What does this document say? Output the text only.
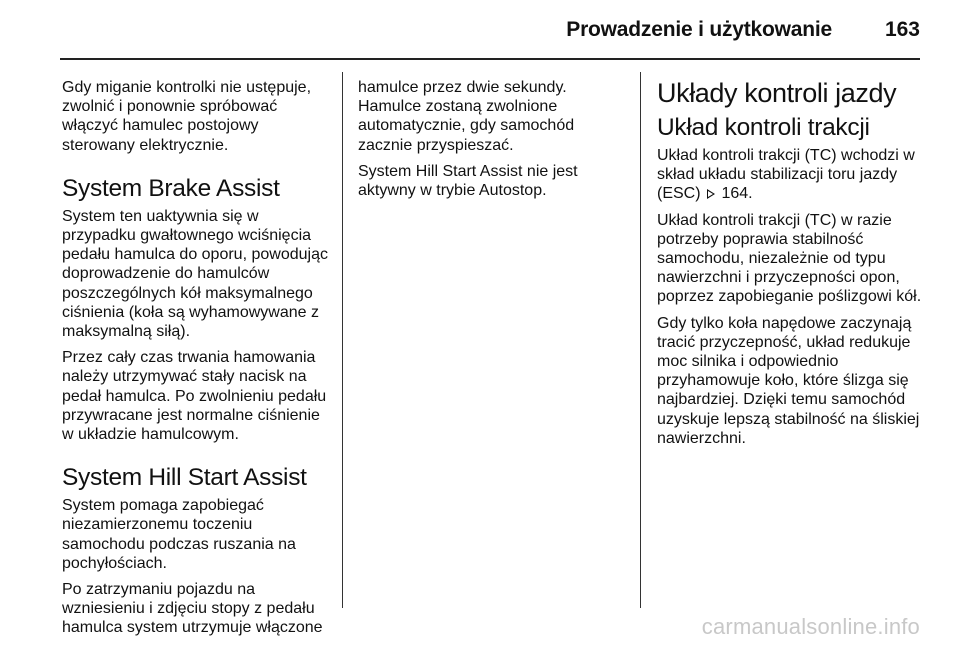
Prowadzenie i użytkowanie	163

Gdy miganie kontrolki nie ustępuje, zwolnić i ponownie spróbować włączyć hamulec postojowy sterowany elektrycznie.

System Brake Assist

System ten uaktywnia się w przypadku gwałtownego wciśnięcia pedału hamulca do oporu, powodując doprowadzenie do hamulców poszczególnych kół maksymalnego ciśnienia (koła są wyhamowywane z maksymalną siłą).

Przez cały czas trwania hamowania należy utrzymywać stały nacisk na pedał hamulca. Po zwolnieniu pedału przywracane jest normalne ciśnienie w układzie hamulcowym.

System Hill Start Assist

System pomaga zapobiegać niezamierzonemu toczeniu samochodu podczas ruszania na pochyłościach.

Po zatrzymaniu pojazdu na wzniesieniu i zdjęciu stopy z pedału hamulca system utrzymuje włączone

hamulce przez dwie sekundy. Hamulce zostaną zwolnione automatycznie, gdy samochód zacznie przyspieszać.

System Hill Start Assist nie jest aktywny w trybie Autostop.

Układy kontroli jazdy
Układ kontroli trakcji

Układ kontroli trakcji (TC) wchodzi w skład układu stabilizacji toru jazdy (ESC) 164.

Układ kontroli trakcji (TC) w razie potrzeby poprawia stabilność samochodu, niezależnie od typu nawierzchni i przyczepności opon, poprzez zapobieganie poślizgowi kół.

Gdy tylko koła napędowe zaczynają tracić przyczepność, układ redukuje moc silnika i odpowiednio przyhamowuje koło, które ślizga się najbardziej. Dzięki temu samochód uzyskuje lepszą stabilność na śliskiej nawierzchni.

carmanualsonline.info
